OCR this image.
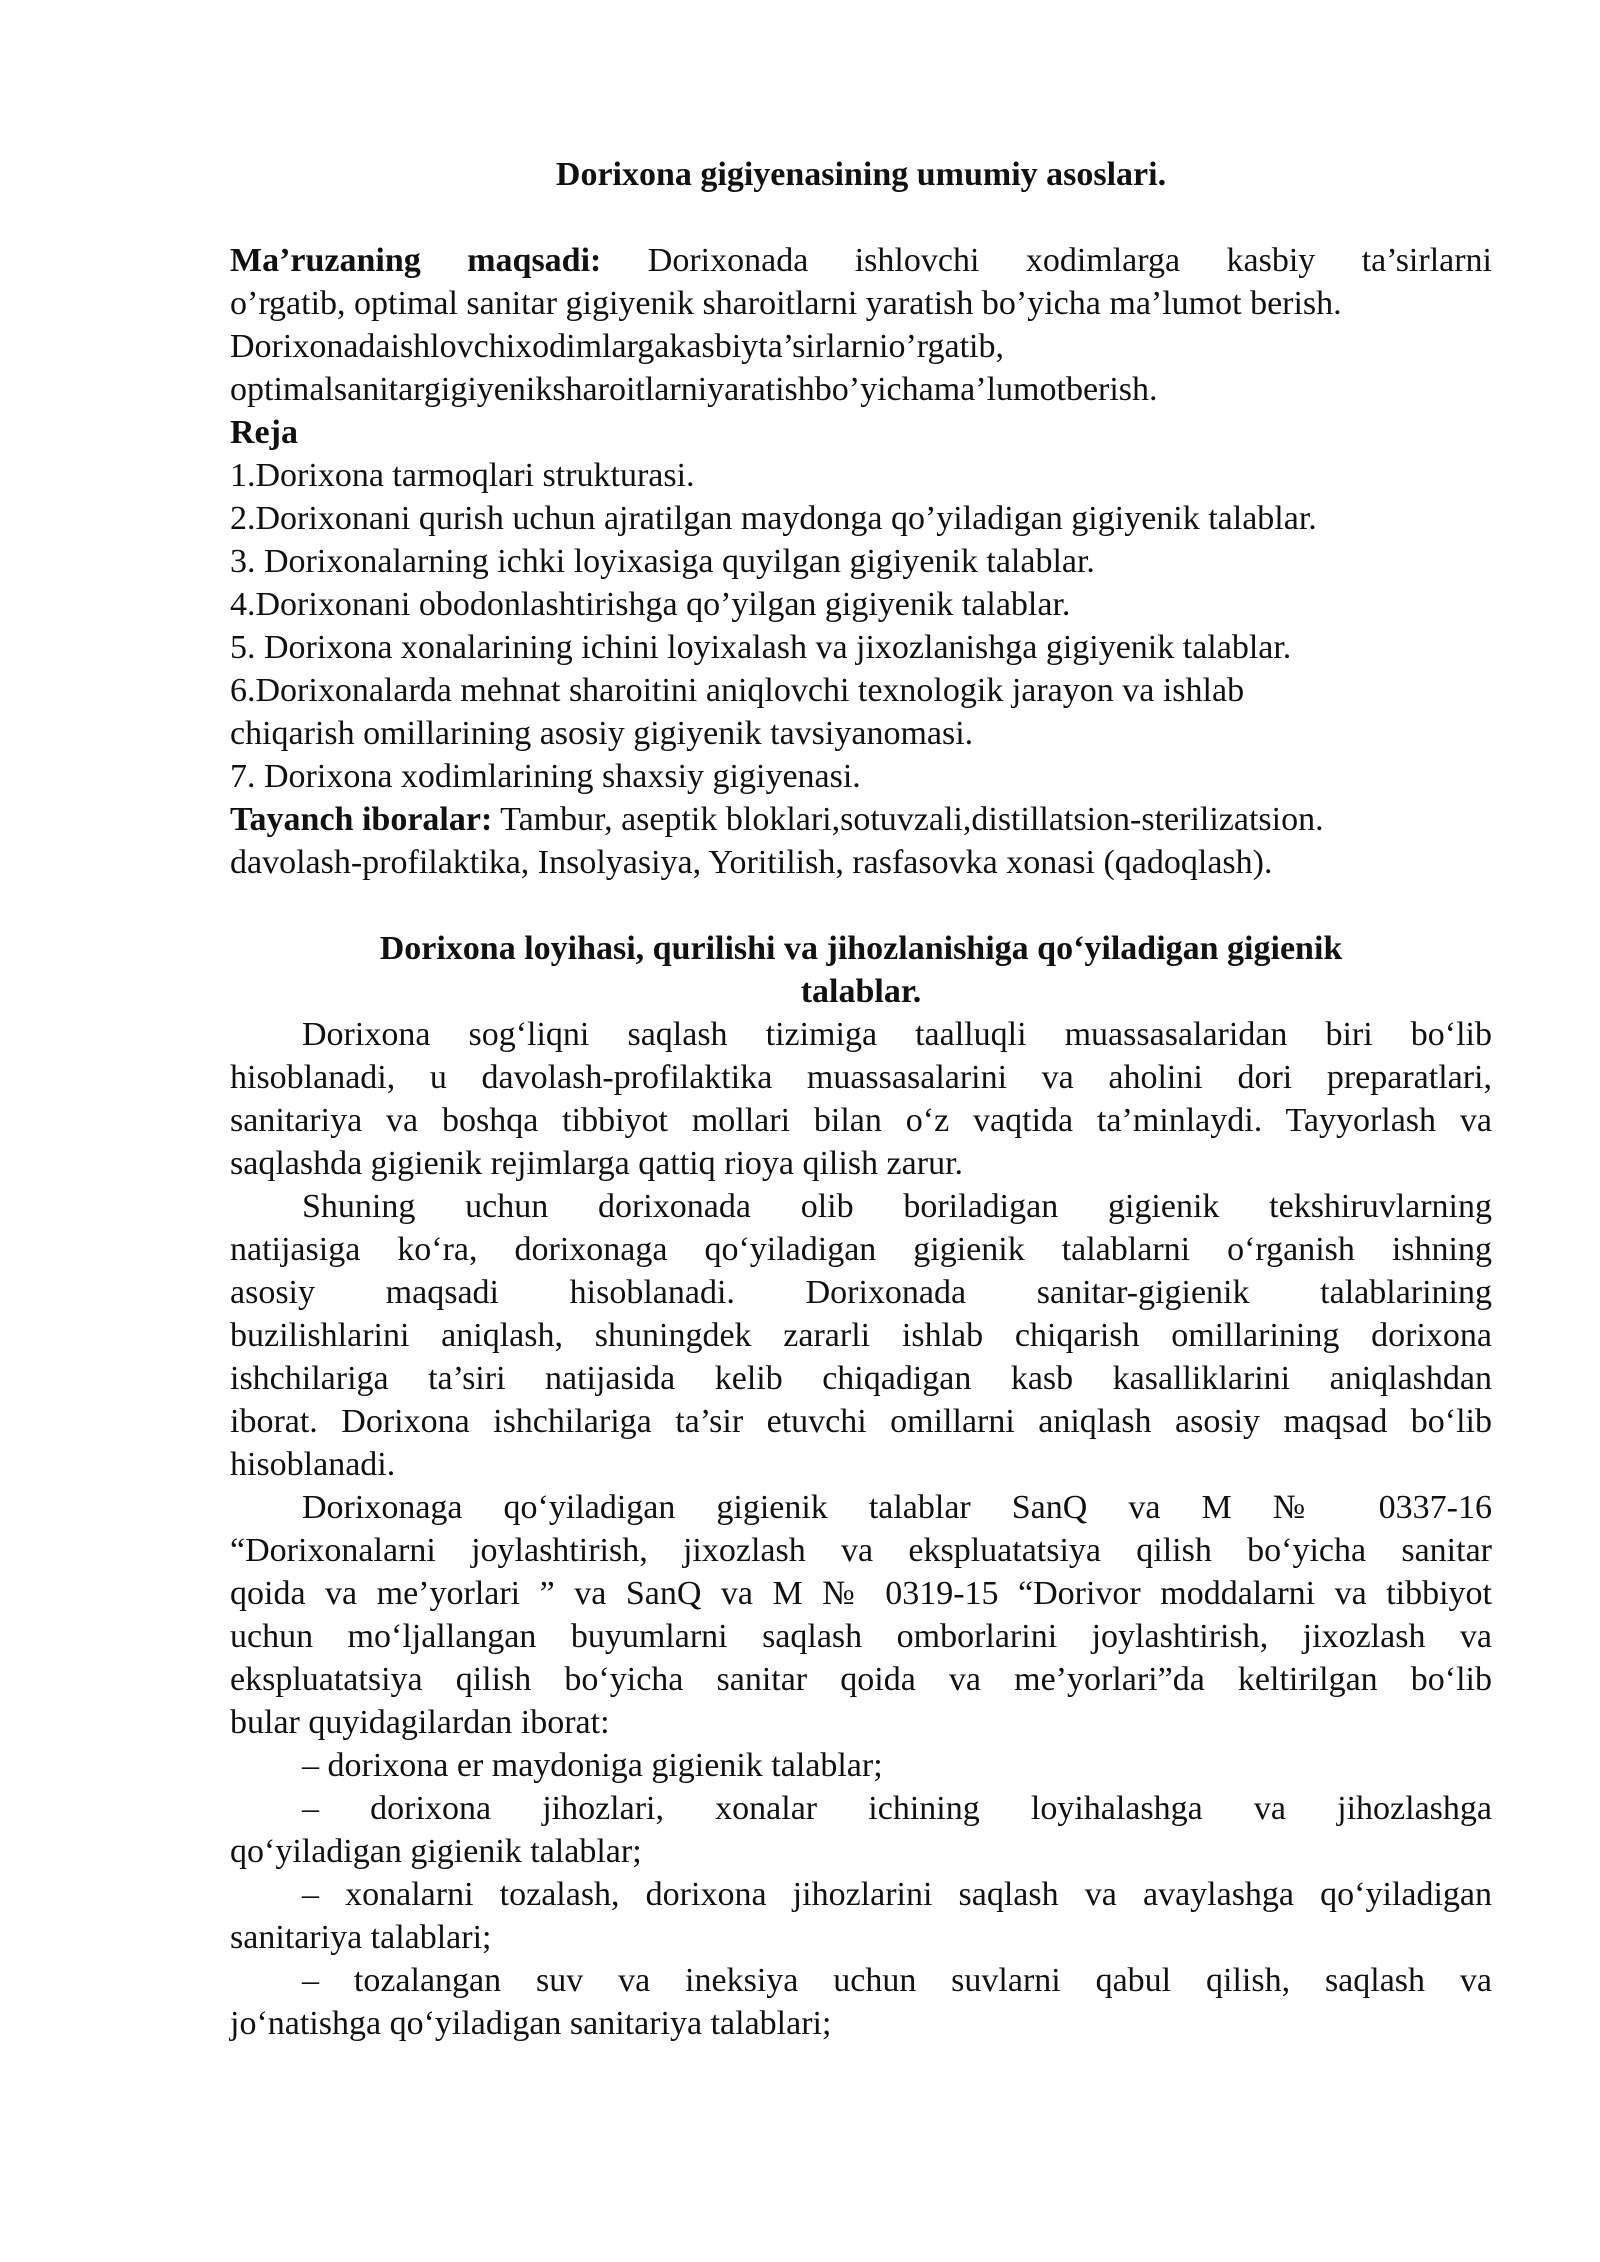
Dorixona gigiyenasining umumiy asoslari.
Ma’ruzaning maqsadi: Dorixonada ishlovchi xodimlarga kasbiy ta’sirlarni
o’rgatib, optimal sanitar gigiyenik sharoitlarni yaratish bo’yicha ma’lumot berish.
Dorixonadaishlovchixodimlargakasbiyta’sirlarnio’rgatib,
optimalsanitargigiyeniksharoitlarniyaratishbo’yichama’lumotberish.
Reja
1.Dorixona tarmoqlari strukturasi.
2.Dorixonani qurish uchun ajratilgan maydonga qo’yiladigan gigiyenik talablar.
3. Dorixonalarning ichki loyixasiga quyilgan gigiyenik talablar.
4.Dorixonani obodonlashtirishga qo’yilgan gigiyenik talablar.
5. Dorixona xonalarining ichini loyixalash va jixozlanishga gigiyenik talablar.
6.Dorixonalarda mehnat sharoitini aniqlovchi texnologik jarayon va ishlab
chiqarish omillarining asosiy gigiyenik tavsiyanomasi.
7. Dorixona xodimlarining shaxsiy gigiyenasi.
Tayanch iboralar: Tambur, aseptik bloklari,sotuvzali,distillatsion-sterilizatsion.
davolash-profilaktika, Insolyasiya, Yoritilish, rasfasovka xonasi (qadoqlash).
Dorixona loyihasi, qurilishi va jihozlanishiga qo‘yiladigan gigienik
talablar.
Dorixona sog‘liqni saqlash tizimiga taalluqli muassasalaridan biri bo‘lib
hisoblanadi, u davolash-profilaktika muassasalarini va aholini dori preparatlari,
sanitariya va boshqa tibbiyot mollari bilan o‘z vaqtida ta’minlaydi. Tayyorlash va
saqlashda gigienik rejimlarga qattiq rioya qilish zarur.
Shuning uchun dorixonada olib boriladigan gigienik tekshiruvlarning
natijasiga ko‘ra, dorixonaga qo‘yiladigan gigienik talablarni o‘rganish ishning
asosiy maqsadi hisoblanadi. Dorixonada sanitar-gigienik talablarining
buzilishlarini aniqlash, shuningdek zararli ishlab chiqarish omillarining dorixona
ishchilariga ta’siri natijasida kelib chiqadigan kasb kasalliklarini aniqlashdan
iborat. Dorixona ishchilariga ta’sir etuvchi omillarni aniqlash asosiy maqsad bo‘lib
hisoblanadi.
Dorixonaga qo‘yiladigan gigienik talablar SanQ va M № 0337-16
“Dorixonalarni joylashtirish, jixozlash va ekspluatatsiya qilish bo‘yicha sanitar
qoida va me’yorlari ” va SanQ va M № 0319-15 “Dorivor moddalarni va tibbiyot
uchun mo‘ljallangan buyumlarni saqlash omborlarini joylashtirish, jixozlash va
ekspluatatsiya qilish bo‘yicha sanitar qoida va me’yorlari”da keltirilgan bo‘lib
bular quyidagilardan iborat:
– dorixona er maydoniga gigienik talablar;
– dorixona jihozlari, xonalar ichining loyihalashga va jihozlashga
qo‘yiladigan gigienik talablar;
– xonalarni tozalash, dorixona jihozlarini saqlash va avaylashga qo‘yiladigan
sanitariya talablari;
– tozalangan suv va ineksiya uchun suvlarni qabul qilish, saqlash va
jo‘natishga qo‘yiladigan sanitariya talablari;
